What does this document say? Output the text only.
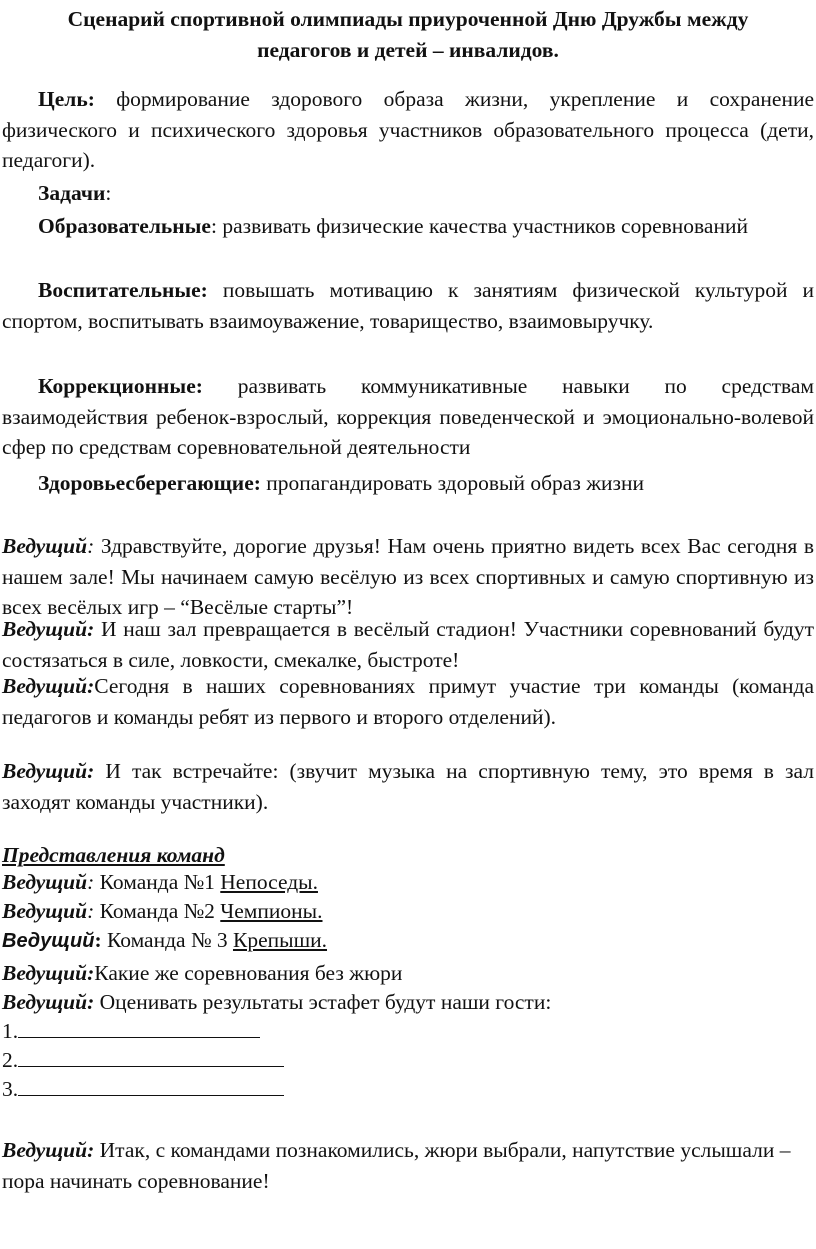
Сценарий спортивной олимпиады приуроченной Дню Дружбы между
педагогов и детей – инвалидов.
Цель: формирование здорового образа жизни, укрепление и сохранение физического и психического здоровья участников образовательного процесса (дети, педагоги).
Задачи:
Образовательные: развивать физические качества участников соревнований
Воспитательные: повышать мотивацию к занятиям физической культурой и спортом, воспитывать взаимоуважение, товарищество, взаимовыручку.
Коррекционные: развивать коммуникативные навыки по средствам взаимодействия ребенок-взрослый, коррекция поведенческой и эмоционально-волевой сфер по средствам соревновательной деятельности
Здоровьесберегающие: пропагандировать здоровый образ жизни
Ведущий: Здравствуйте, дорогие друзья! Нам очень приятно видеть всех Вас сегодня в нашем зале! Мы начинаем самую весёлую из всех спортивных и самую спортивную из всех весёлых игр – “Весёлые старты”!
Ведущий: И наш зал превращается в весёлый стадион! Участники соревнований будут состязаться в силе, ловкости, смекалке, быстроте!
Ведущий:Сегодня в наших соревнованиях примут участие три команды (команда педагогов и команды ребят из первого и второго отделений).
Ведущий: И так встречайте: (звучит музыка на спортивную тему, это время в зал заходят команды участники).
Представления команд
Ведущий: Команда №1 Непоседы.
Ведущий: Команда №2 Чемпионы.
Ведущий: Команда № 3 Крепыши.
Ведущий:Какие же соревнования без жюри
Ведущий: Оценивать результаты эстафет будут наши гости:
1.
2.
3.
Ведущий: Итак, с командами познакомились, жюри выбрали, напутствие услышали – пора начинать соревнование!
